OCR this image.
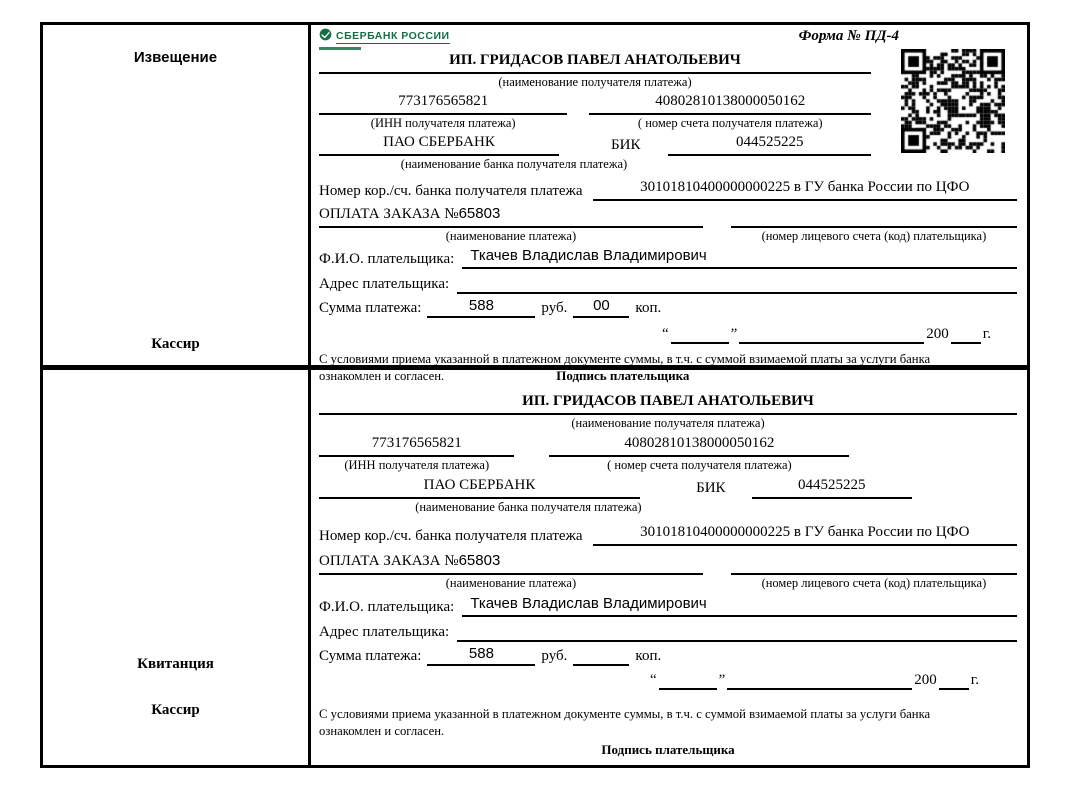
Извещение
Кассир
СБЕРБАНК РОССИИ	Форма № ПД-4
ИП. ГРИДАСОВ ПАВЕЛ АНАТОЛЬЕВИЧ
(наименование получателя платежа)
773176565821
(ИНН получателя платежа)
40802810138000050162
( номер счета получателя платежа)
ПАО СБЕРБАНК	БИК	044525225
(наименование банка получателя платежа)
Номер кор./сч. банка получателя платежа	30101810400000000225 в ГУ банка России по ЦФО
ОПЛАТА ЗАКАЗА №65803
(наименование платежа)	(номер лицевого счета (код) плательщика)
Ф.И.О. плательщика:	Ткачев Владислав Владимирович
Адрес плательщика:
Сумма платежа:	588	руб.	00	коп.
“	”	200 г.
С условиями приема указанной в платежном документе суммы, в т.ч. с суммой взимаемой платы за услуги банка
ознакомлен и согласен.	Подпись плательщика
Квитанция
Кассир
ИП. ГРИДАСОВ ПАВЕЛ АНАТОЛЬЕВИЧ
(наименование получателя платежа)
773176565821
(ИНН получателя платежа)
40802810138000050162
( номер счета получателя платежа)
ПАО СБЕРБАНК	БИК	044525225
(наименование банка получателя платежа)
Номер кор./сч. банка получателя платежа	30101810400000000225 в ГУ банка России по ЦФО
ОПЛАТА ЗАКАЗА №65803
(наименование платежа)	(номер лицевого счета (код) плательщика)
Ф.И.О. плательщика:	Ткачев Владислав Владимирович
Адрес плательщика:
Сумма платежа:	588	руб.	коп.
“	”	200 г.
С условиями приема указанной в платежном документе суммы, в т.ч. с суммой взимаемой платы за услуги банка
ознакомлен и согласен.
Подпись плательщика
